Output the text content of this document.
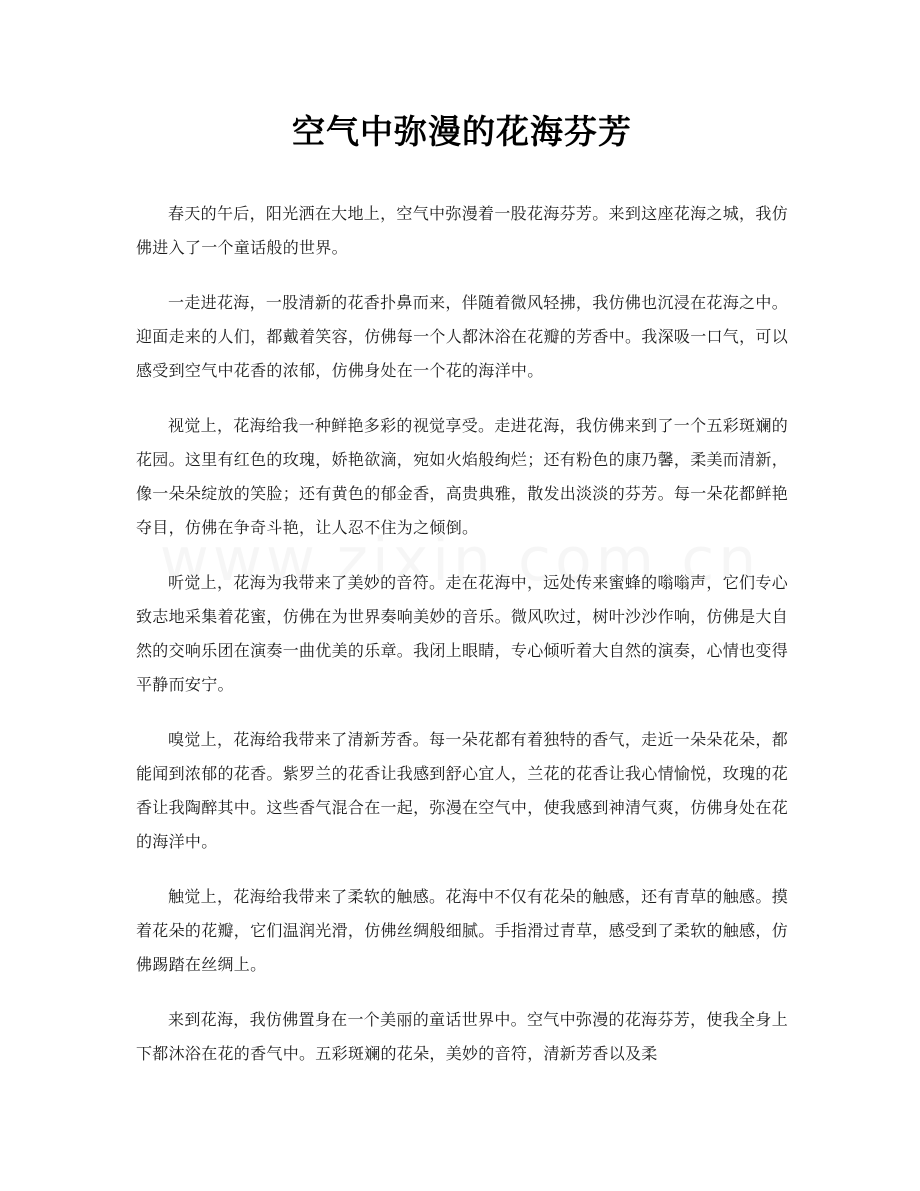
空气中弥漫的花海芬芳

春天的午后，阳光洒在大地上，空气中弥漫着一股花海芬芳。来到这座花海之城，我仿佛进入了一个童话般的世界。

一走进花海，一股清新的花香扑鼻而来，伴随着微风轻拂，我仿佛也沉浸在花海之中。迎面走来的人们，都戴着笑容，仿佛每一个人都沐浴在花瓣的芳香中。我深吸一口气，可以感受到空气中花香的浓郁，仿佛身处在一个花的海洋中。

视觉上，花海给我一种鲜艳多彩的视觉享受。走进花海，我仿佛来到了一个五彩斑斓的花园。这里有红色的玫瑰，娇艳欲滴，宛如火焰般绚烂；还有粉色的康乃馨，柔美而清新，像一朵朵绽放的笑脸；还有黄色的郁金香，高贵典雅，散发出淡淡的芬芳。每一朵花都鲜艳夺目，仿佛在争奇斗艳，让人忍不住为之倾倒。

听觉上，花海为我带来了美妙的音符。走在花海中，远处传来蜜蜂的嗡嗡声，它们专心致志地采集着花蜜，仿佛在为世界奏响美妙的音乐。微风吹过，树叶沙沙作响，仿佛是大自然的交响乐团在演奏一曲优美的乐章。我闭上眼睛，专心倾听着大自然的演奏，心情也变得平静而安宁。

嗅觉上，花海给我带来了清新芳香。每一朵花都有着独特的香气，走近一朵朵花朵，都能闻到浓郁的花香。紫罗兰的花香让我感到舒心宜人，兰花的花香让我心情愉悦，玫瑰的花香让我陶醉其中。这些香气混合在一起，弥漫在空气中，使我感到神清气爽，仿佛身处在花的海洋中。

触觉上，花海给我带来了柔软的触感。花海中不仅有花朵的触感，还有青草的触感。摸着花朵的花瓣，它们温润光滑，仿佛丝绸般细腻。手指滑过青草，感受到了柔软的触感，仿佛踢踏在丝绸上。

来到花海，我仿佛置身在一个美丽的童话世界中。空气中弥漫的花海芬芳，使我全身上下都沐浴在花的香气中。五彩斑斓的花朵，美妙的音符，清新芳香以及柔
